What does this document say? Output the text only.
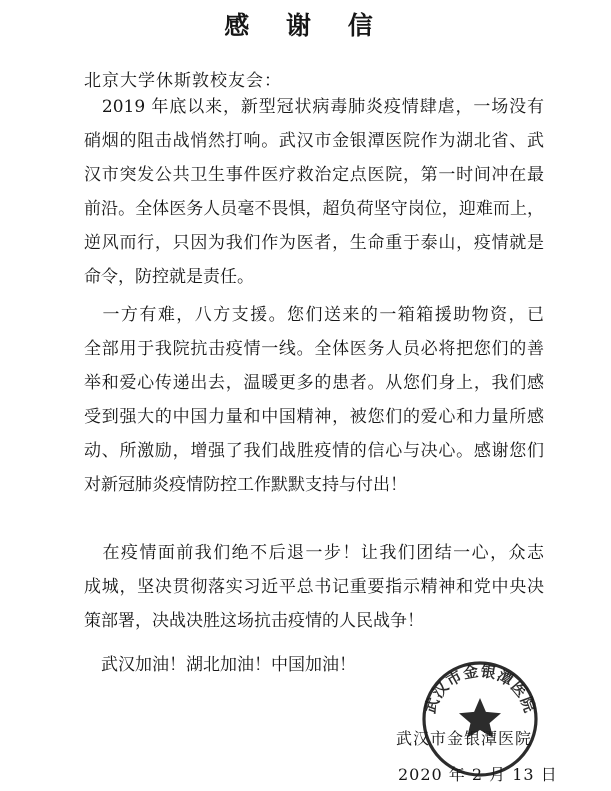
感 谢 信
北京大学休斯敦校友会：
　2019 年底以来，新型冠状病毒肺炎疫情肆虐，一场没有
硝烟的阻击战悄然打响。武汉市金银潭医院作为湖北省、武
汉市突发公共卫生事件医疗救治定点医院，第一时间冲在最
前沿。全体医务人员毫不畏惧，超负荷坚守岗位，迎难而上，
逆风而行，只因为我们作为医者，生命重于泰山，疫情就是
命令，防控就是责任。
　一方有难，八方支援。您们送来的一箱箱援助物资，已
全部用于我院抗击疫情一线。全体医务人员必将把您们的善
举和爱心传递出去，温暖更多的患者。从您们身上，我们感
受到强大的中国力量和中国精神，被您们的爱心和力量所感
动、所激励，增强了我们战胜疫情的信心与决心。感谢您们
对新冠肺炎疫情防控工作默默支持与付出！
　在疫情面前我们绝不后退一步！让我们团结一心，众志
成城，坚决贯彻落实习近平总书记重要指示精神和党中央决
策部署，决战决胜这场抗击疫情的人民战争！
　武汉加油！湖北加油！中国加油！
武汉市金银潭医院
2020 年 2 月 13 日
武汉市金银潭医院
